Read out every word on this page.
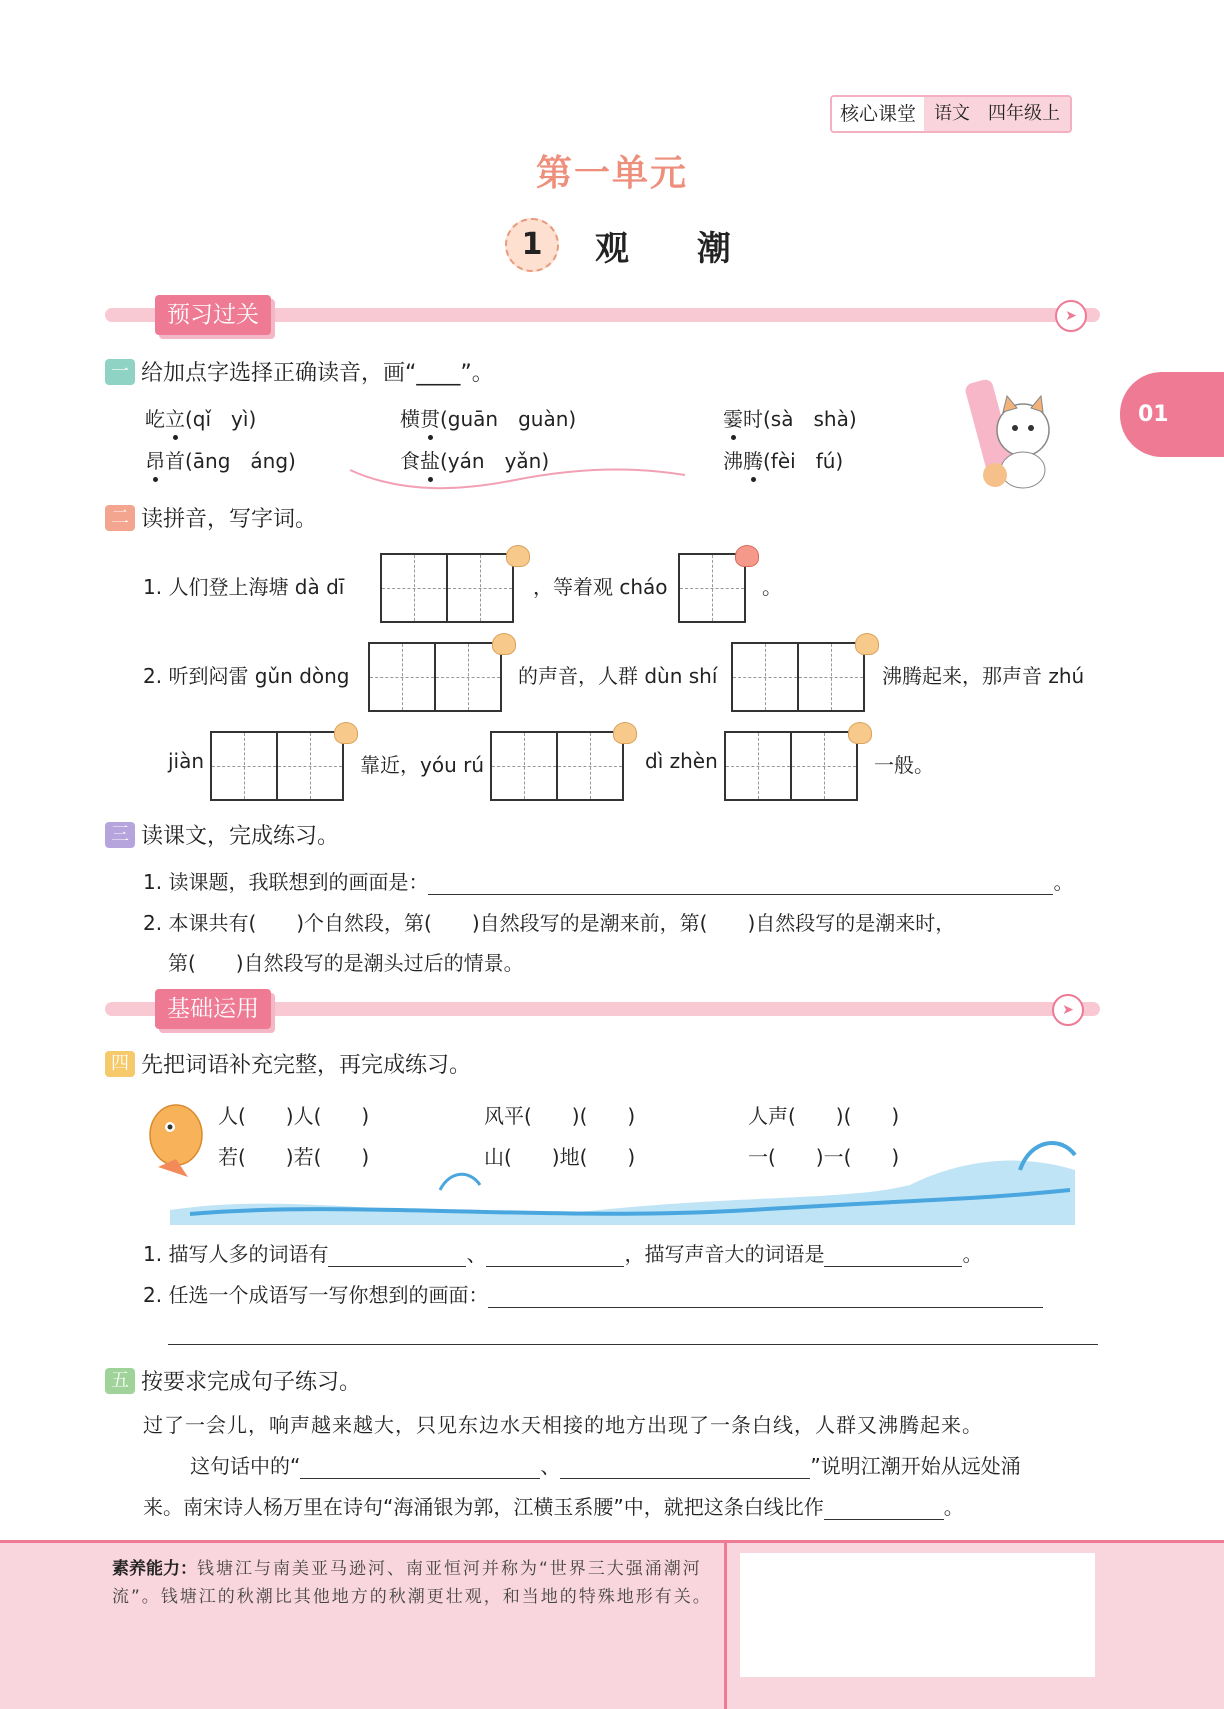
核心课堂	语文　 四年级上
第一单元
1	观 潮
01
预习过关	➤
一 给加点字选择正确读音，画“____”。
屹立(qǐ　yì)	横贯(guān　guàn)	霎时(sà　shà)
昂首(āng　áng)	食盐(yán　yǎn)	沸腾(fèi　fú)
二 读拼音，写字词。
1. 人们登上海塘 dà dī	，等着观 cháo	。
2. 听到闷雷 gǔn dòng	的声音，人群 dùn shí	沸腾起来，那声音 zhú
jiàn	靠近，yóu rú	dì zhèn	一般。
三 读课文，完成练习。
1. 读课题，我联想到的画面是：	。
2. 本课共有(　　)个自然段，第(　　)自然段写的是潮来前，第(　　)自然段写的是潮来时，
第(　　)自然段写的是潮头过后的情景。
基础运用	➤
四 先把词语补充完整，再完成练习。
人(　　)人(　　)	风平(　　)(　　)	人声(　　)(　　)
若(　　)若(　　)	山(　　)地(　　)	一(　　)一(　　)
1. 描写人多的词语有	、	，描写声音大的词语是	。
2. 任选一个成语写一写你想到的画面：
五 按要求完成句子练习。
过了一会儿，响声越来越大，只见东边水天相接的地方出现了一条白线，人群又沸腾起来。
这句话中的“	、	”说明江潮开始从远处涌
来。南宋诗人杨万里在诗句“海涌银为郭，江横玉系腰”中，就把这条白线比作	。
素养能力：钱塘江与南美亚马逊河、南亚恒河并称为“世界三大强涌潮河流”。钱塘江的秋潮比其他地方的秋潮更壮观，和当地的特殊地形有关。
